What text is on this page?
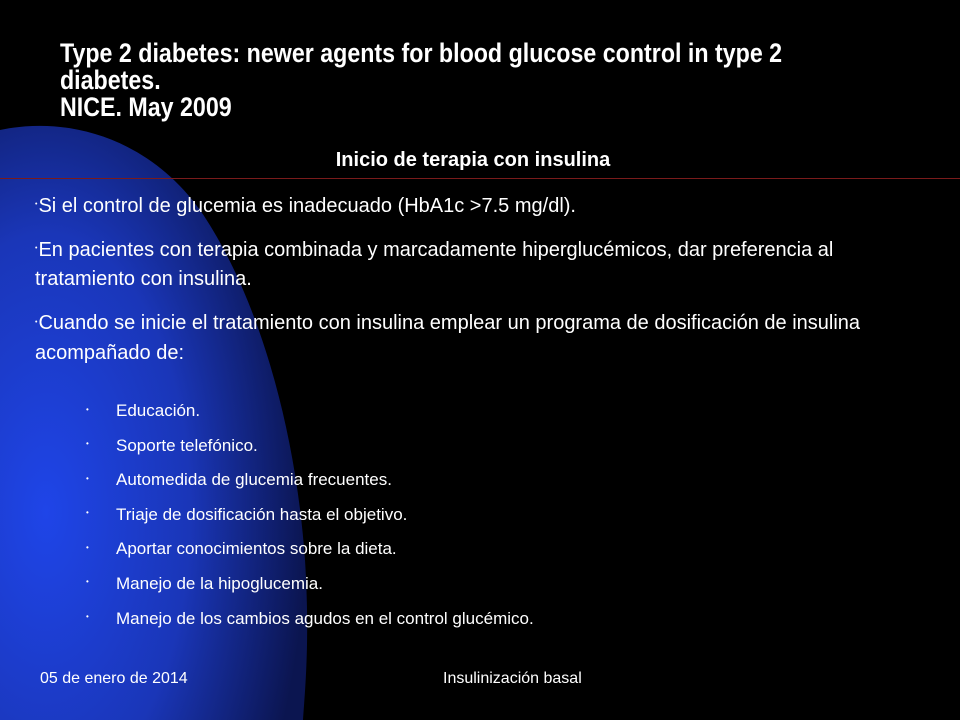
Type 2 diabetes: newer agents for blood glucose control in type 2
diabetes.
NICE. May 2009
Inicio de terapia con insulina
•Si el control de glucemia es inadecuado (HbA1c >7.5 mg/dl).
•En pacientes con terapia combinada y marcadamente hiperglucémicos, dar preferencia al tratamiento con insulina.
•Cuando se inicie el tratamiento con insulina emplear un programa de dosificación de insulina acompañado de:
• Educación.
• Soporte telefónico.
• Automedida de glucemia frecuentes.
• Triaje de dosificación hasta el objetivo.
• Aportar conocimientos sobre la dieta.
• Manejo de la hipoglucemia.
• Manejo de los cambios agudos en el control glucémico.
05 de enero de 2014	Insulinización basal
